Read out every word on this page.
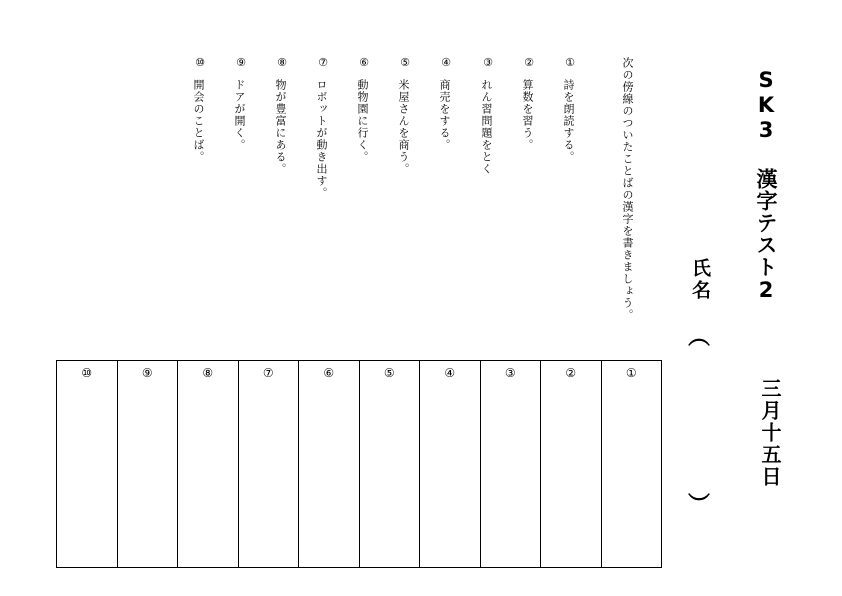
SK3 漢字テスト2
三月十五日
氏名
︵
︶
次の傍線のついたことばの漢字を書きましょう。
①
詩を朗読する。
②
算数を習う。
③
れん習問題をとく
④
商売をする。
⑤
米屋さんを商う。
⑥
動物園に行く。
⑦
ロボットが動き出す。
⑧
物が豊富にある。
⑨
ドアが開く。
⑩
開会のことば。
⑩	⑨	⑧	⑦	⑥	⑤	④	③	②	①
